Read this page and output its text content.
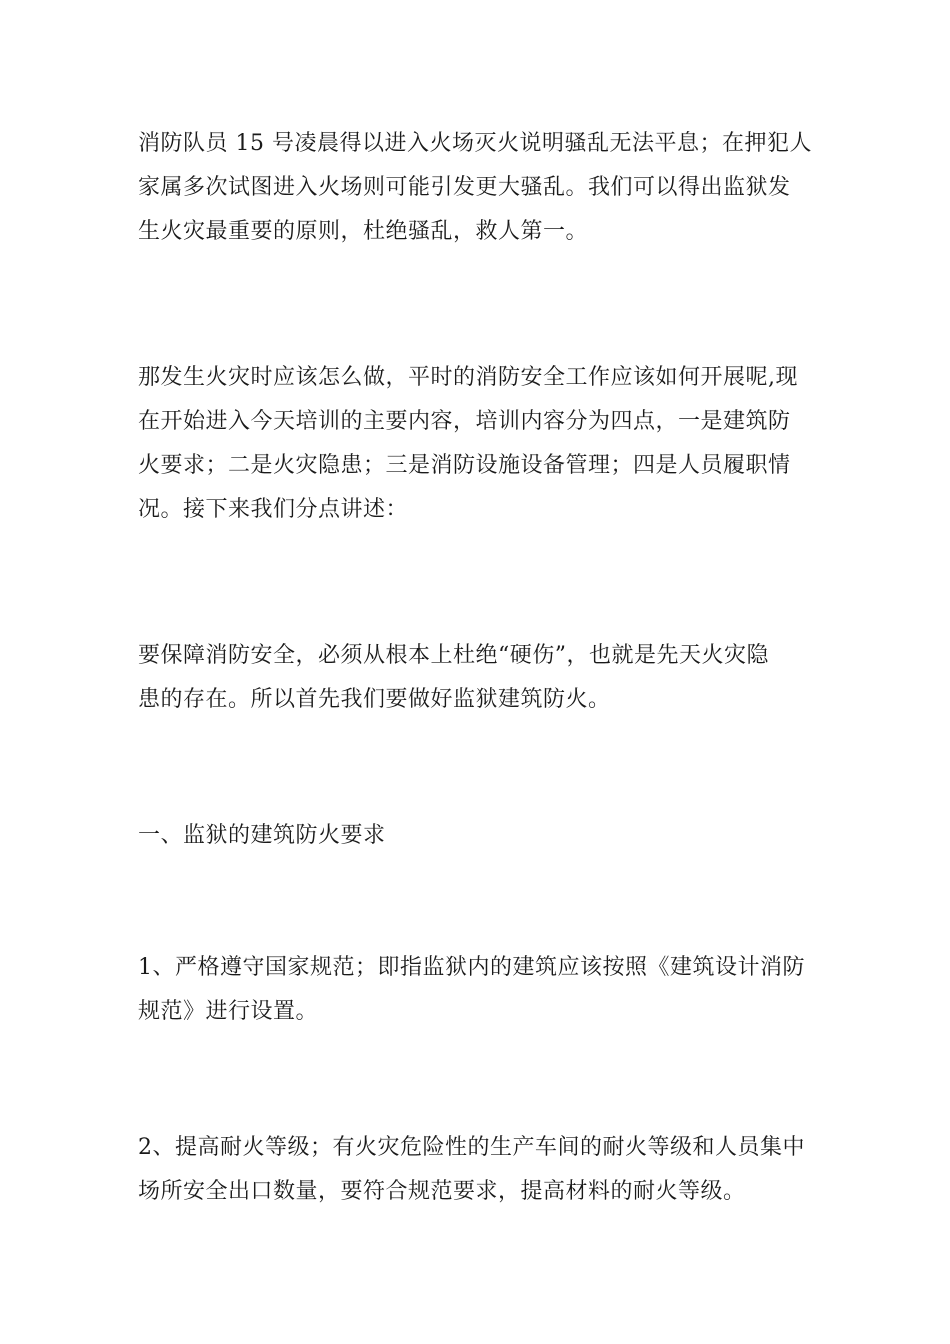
消防队员 15 号凌晨得以进入火场灭火说明骚乱无法平息；在押犯人
家属多次试图进入火场则可能引发更大骚乱。我们可以得出监狱发
生火灾最重要的原则，杜绝骚乱，救人第一。

那发生火灾时应该怎么做，平时的消防安全工作应该如何开展呢,现
在开始进入今天培训的主要内容，培训内容分为四点，一是建筑防
火要求；二是火灾隐患；三是消防设施设备管理；四是人员履职情
况。接下来我们分点讲述：

要保障消防安全，必须从根本上杜绝“硬伤”，也就是先天火灾隐
患的存在。所以首先我们要做好监狱建筑防火。

一、监狱的建筑防火要求

1、严格遵守国家规范；即指监狱内的建筑应该按照《建筑设计消防
规范》进行设置。

2、提高耐火等级；有火灾危险性的生产车间的耐火等级和人员集中
场所安全出口数量，要符合规范要求，提高材料的耐火等级。
